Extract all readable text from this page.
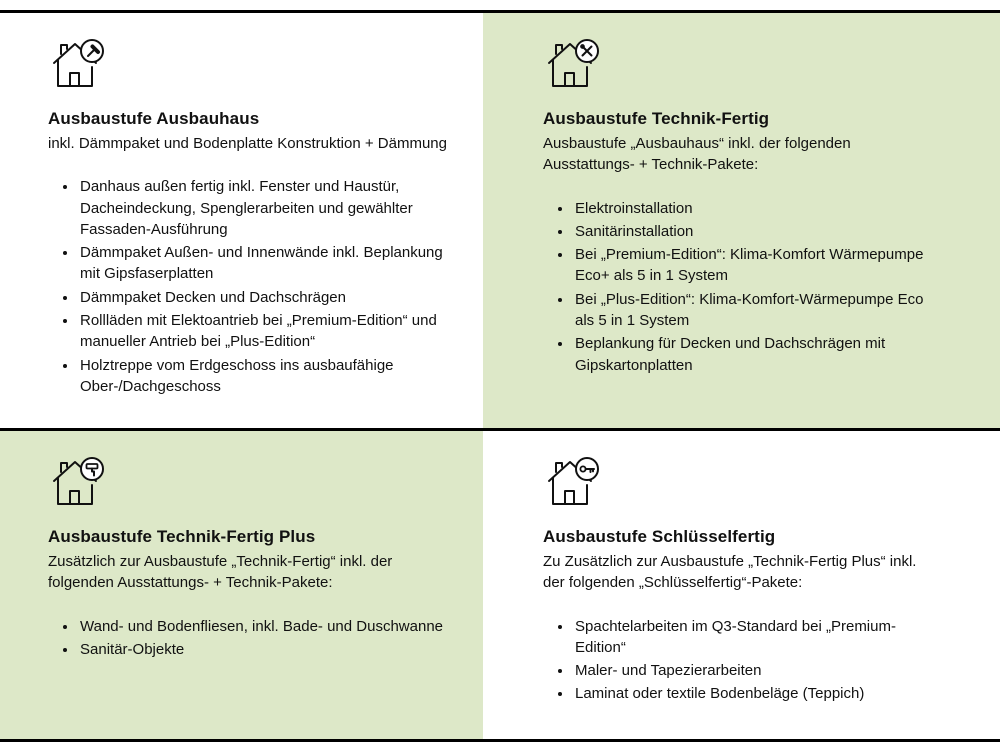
Ausbaustufe Ausbauhaus

inkl. Dämmpaket und Bodenplatte Konstruktion + Dämmung

• Danhaus außen fertig inkl. Fenster und Haustür, Dacheindeckung, Spenglerarbeiten und gewählter Fassaden-Ausführung
• Dämmpaket Außen- und Innenwände inkl. Beplankung mit Gipsfaserplatten
• Dämmpaket Decken und Dachschrägen
• Rollläden mit Elektoantrieb bei „Premium-Edition“ und manueller Antrieb bei „Plus-Edition“
• Holztreppe vom Erdgeschoss ins ausbaufähige Ober-/Dachgeschoss
Ausbaustufe Technik-Fertig

Ausbaustufe „Ausbauhaus“ inkl. der folgenden Ausstattungs- + Technik-Pakete:

• Elektroinstallation
• Sanitärinstallation
• Bei „Premium-Edition“: Klima-Komfort Wärmepumpe Eco+ als 5 in 1 System
• Bei „Plus-Edition“: Klima-Komfort-Wärmepumpe Eco als 5 in 1 System
• Beplankung für Decken und Dachschrägen mit Gipskartonplatten
Ausbaustufe Technik-Fertig Plus

Zusätzlich zur Ausbaustufe „Technik-Fertig“ inkl. der folgenden Ausstattungs- + Technik-Pakete:

• Wand- und Bodenfliesen, inkl. Bade- und Duschwanne
• Sanitär-Objekte
Ausbaustufe Schlüsselfertig

Zu Zusätzlich zur Ausbaustufe „Technik-Fertig Plus“ inkl. der folgenden „Schlüsselfertig“-Pakete:

• Spachtelarbeiten im Q3-Standard bei „Premium-Edition“
• Maler- und Tapezierarbeiten
• Laminat oder textile Bodenbeläge (Teppich)
